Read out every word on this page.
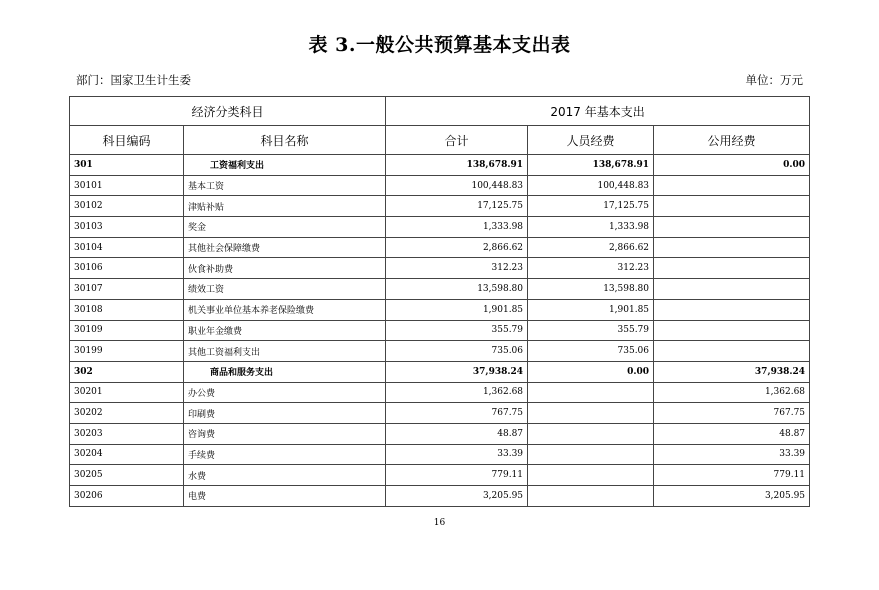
表 3.一般公共预算基本支出表
部门：国家卫生计生委	单位：万元
经济分类科目		2017 年基本支出		
科目编码	科目名称	合计	人员经费	公用经费
301	工资福利支出	138,678.91	138,678.91	0.00
30101	基本工资	100,448.83	100,448.83	
30102	津贴补贴	17,125.75	17,125.75	
30103	奖金	1,333.98	1,333.98	
30104	其他社会保障缴费	2,866.62	2,866.62	
30106	伙食补助费	312.23	312.23	
30107	绩效工资	13,598.80	13,598.80	
30108	机关事业单位基本养老保险缴费	1,901.85	1,901.85	
30109	职业年金缴费	355.79	355.79	
30199	其他工资福利支出	735.06	735.06	
302	商品和服务支出	37,938.24	0.00	37,938.24
30201	办公费	1,362.68		1,362.68
30202	印刷费	767.75		767.75
30203	咨询费	48.87		48.87
30204	手续费	33.39		33.39
30205	水费	779.11		779.11
30206	电费	3,205.95		3,205.95
16
